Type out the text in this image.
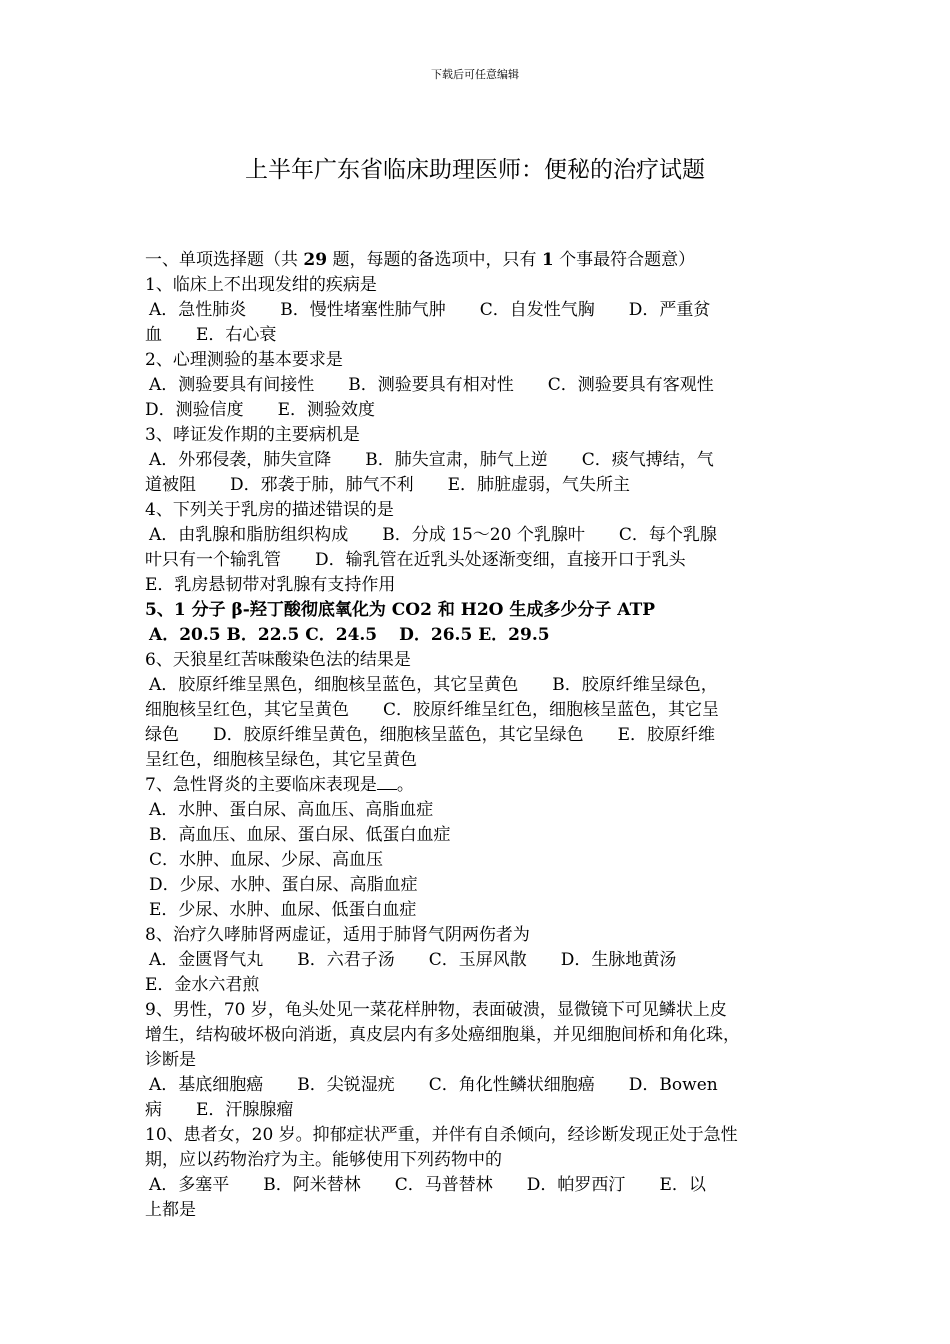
下载后可任意编辑
上半年广东省临床助理医师：便秘的治疗试题

一、单项选择题（共 29 题，每题的备选项中，只有 1 个事最符合题意）

1、临床上不出现发绀的疾病是

A．急性肺炎 B．慢性堵塞性肺气肿 C．自发性气胸 D．严重贫

血 E．右心衰

2、心理测验的基本要求是

A．测验要具有间接性 B．测验要具有相对性 C．测验要具有客观性

D．测验信度 E．测验效度

3、哮证发作期的主要病机是

A．外邪侵袭，肺失宣降 B．肺失宣肃，肺气上逆 C．痰气搏结，气

道被阻 D．邪袭于肺，肺气不利 E．肺脏虚弱，气失所主

4、下列关于乳房的描述错误的是

A．由乳腺和脂肪组织构成 B．分成 15～20 个乳腺叶 C．每个乳腺

叶只有一个输乳管 D．输乳管在近乳头处逐渐变细，直接开口于乳头

E．乳房悬韧带对乳腺有支持作用

5、1 分子 β-羟丁酸彻底氧化为 CO2 和 H2O 生成多少分子 ATP

A．20.5 B．22.5 C．24.5 D．26.5 E．29.5

6、天狼星红苦味酸染色法的结果是

A．胶原纤维呈黑色，细胞核呈蓝色，其它呈黄色 B．胶原纤维呈绿色，

细胞核呈红色，其它呈黄色 C．胶原纤维呈红色，细胞核呈蓝色，其它呈

绿色 D．胶原纤维呈黄色，细胞核呈蓝色，其它呈绿色 E．胶原纤维

呈红色，细胞核呈绿色，其它呈黄色

7、急性肾炎的主要临床表现是 。

A．水肿、蛋白尿、高血压、高脂血症

B．高血压、血尿、蛋白尿、低蛋白血症

C．水肿、血尿、少尿、高血压

D．少尿、水肿、蛋白尿、高脂血症

E．少尿、水肿、血尿、低蛋白血症

8、治疗久哮肺肾两虚证，适用于肺肾气阴两伤者为

A．金匮肾气丸 B．六君子汤 C．玉屏风散 D．生脉地黄汤

E．金水六君煎

9、男性，70 岁，龟头处见一菜花样肿物，表面破溃，显微镜下可见鳞状上皮

增生，结构破坏极向消逝，真皮层内有多处癌细胞巢，并见细胞间桥和角化珠，

诊断是

A．基底细胞癌 B．尖锐湿疣 C．角化性鳞状细胞癌 D．Bowen

病 E．汗腺腺瘤

10、患者女，20 岁。抑郁症状严重，并伴有自杀倾向，经诊断发现正处于急性

期，应以药物治疗为主。能够使用下列药物中的

A．多塞平 B．阿米替林 C．马普替林 D．帕罗西汀 E．以

上都是
